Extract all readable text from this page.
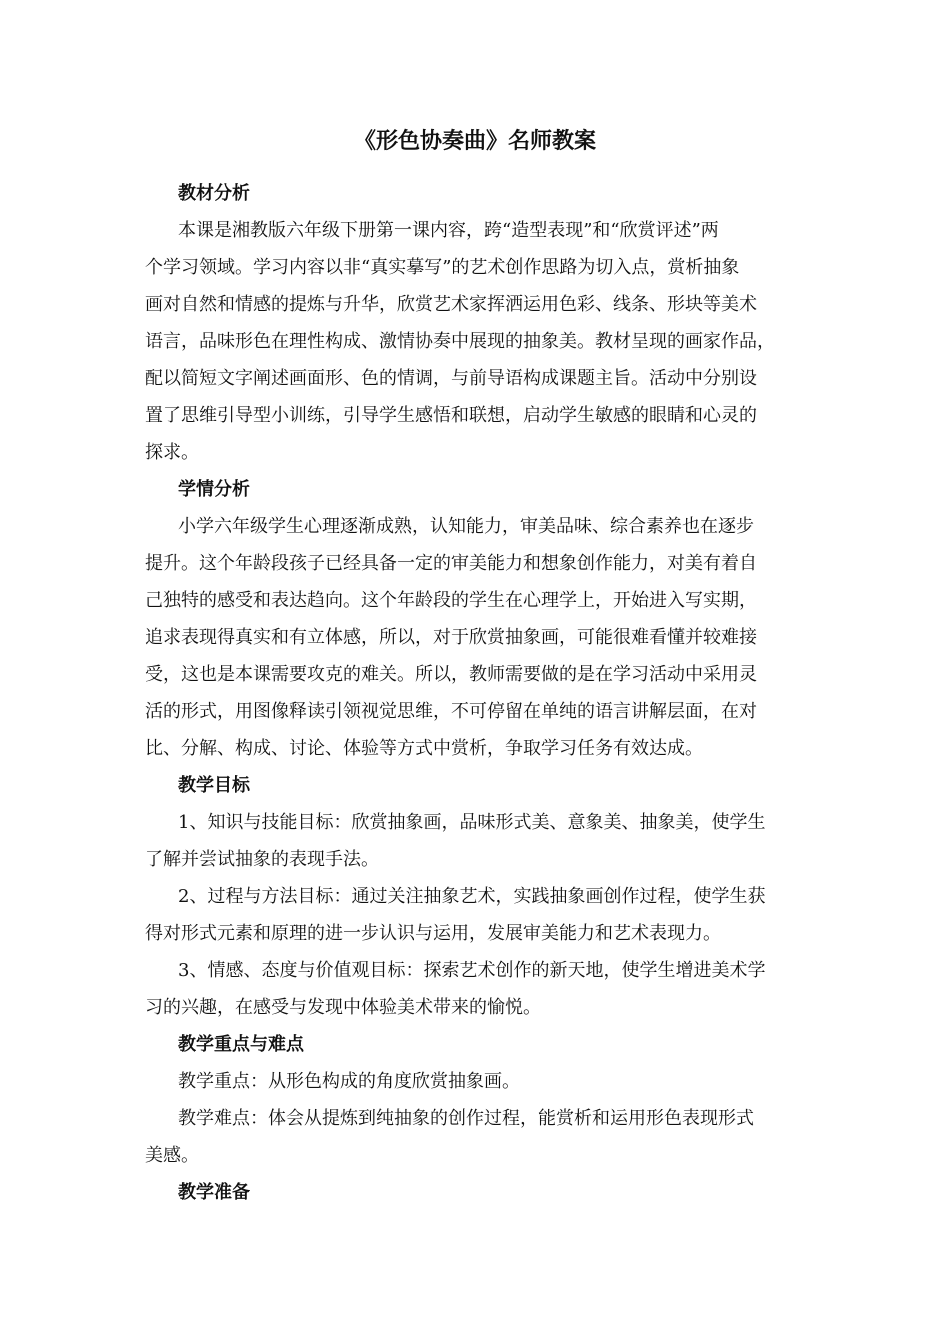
《形色协奏曲》名师教案
教材分析
本课是湘教版六年级下册第一课内容，跨“造型表现”和“欣赏评述”两
个学习领域。学习内容以非“真实摹写”的艺术创作思路为切入点，赏析抽象
画对自然和情感的提炼与升华，欣赏艺术家挥洒运用色彩、线条、形块等美术
语言，品味形色在理性构成、激情协奏中展现的抽象美。教材呈现的画家作品，
配以简短文字阐述画面形、色的情调，与前导语构成课题主旨。活动中分别设
置了思维引导型小训练，引导学生感悟和联想，启动学生敏感的眼睛和心灵的
探求。
学情分析
小学六年级学生心理逐渐成熟，认知能力，审美品味、综合素养也在逐步
提升。这个年龄段孩子已经具备一定的审美能力和想象创作能力，对美有着自
己独特的感受和表达趋向。这个年龄段的学生在心理学上，开始进入写实期，
追求表现得真实和有立体感，所以，对于欣赏抽象画，可能很难看懂并较难接
受，这也是本课需要攻克的难关。所以，教师需要做的是在学习活动中采用灵
活的形式，用图像释读引领视觉思维，不可停留在单纯的语言讲解层面，在对
比、分解、构成、讨论、体验等方式中赏析，争取学习任务有效达成。
教学目标
1、知识与技能目标：欣赏抽象画，品味形式美、意象美、抽象美，使学生
了解并尝试抽象的表现手法。
2、过程与方法目标：通过关注抽象艺术，实践抽象画创作过程，使学生获
得对形式元素和原理的进一步认识与运用，发展审美能力和艺术表现力。
3、情感、态度与价值观目标：探索艺术创作的新天地，使学生增进美术学
习的兴趣，在感受与发现中体验美术带来的愉悦。
教学重点与难点
教学重点：从形色构成的角度欣赏抽象画。
教学难点：体会从提炼到纯抽象的创作过程，能赏析和运用形色表现形式
美感。
教学准备
